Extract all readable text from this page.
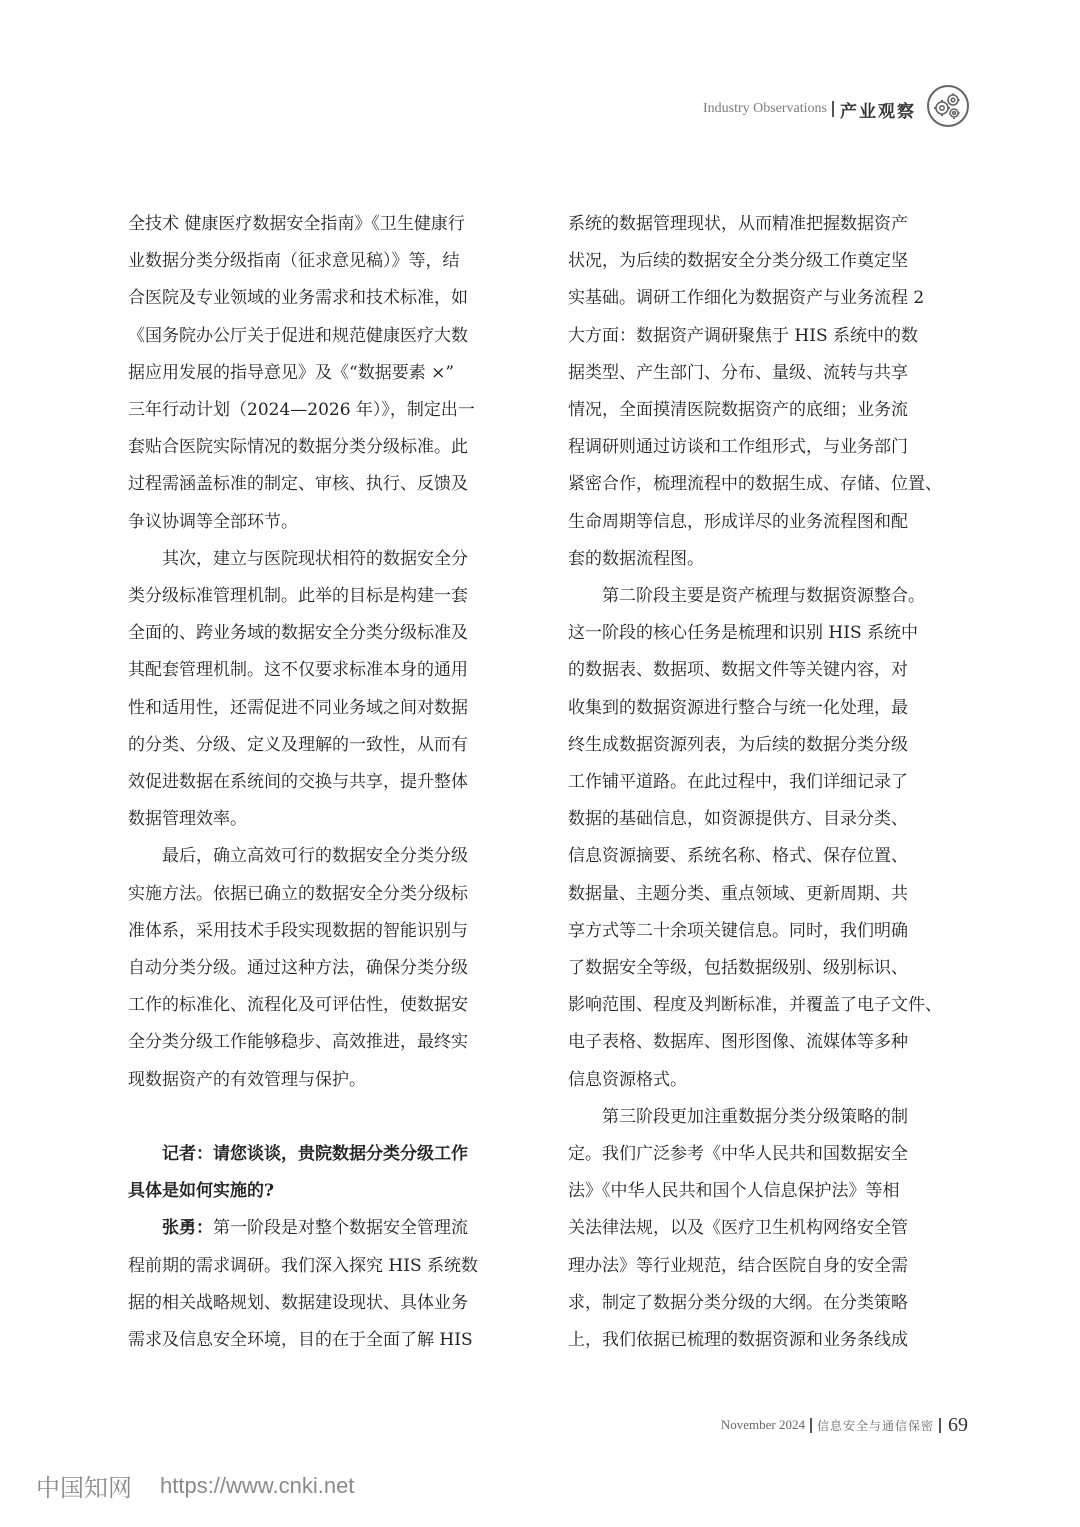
Industry Observations 产业观察

全技术 健康医疗数据安全指南》《卫生健康行

业数据分类分级指南（征求意见稿）》等，结

合医院及专业领域的业务需求和技术标准，如

《国务院办公厅关于促进和规范健康医疗大数

据应用发展的指导意见》及《“数据要素 ×”

三年行动计划（2024—2026 年）》，制定出一

套贴合医院实际情况的数据分类分级标准。此

过程需涵盖标准的制定、审核、执行、反馈及

争议协调等全部环节。

其次，建立与医院现状相符的数据安全分

类分级标准管理机制。此举的目标是构建一套

全面的、跨业务域的数据安全分类分级标准及

其配套管理机制。这不仅要求标准本身的通用

性和适用性，还需促进不同业务域之间对数据

的分类、分级、定义及理解的一致性，从而有

效促进数据在系统间的交换与共享，提升整体

数据管理效率。

最后，确立高效可行的数据安全分类分级

实施方法。依据已确立的数据安全分类分级标

准体系，采用技术手段实现数据的智能识别与

自动分类分级。通过这种方法，确保分类分级

工作的标准化、流程化及可评估性，使数据安

全分类分级工作能够稳步、高效推进，最终实

现数据资产的有效管理与保护。

记者：请您谈谈，贵院数据分类分级工作

具体是如何实施的?

张勇：第一阶段是对整个数据安全管理流

程前期的需求调研。我们深入探究 HIS 系统数

据的相关战略规划、数据建设现状、具体业务

需求及信息安全环境，目的在于全面了解 HIS

系统的数据管理现状，从而精准把握数据资产

状况，为后续的数据安全分类分级工作奠定坚

实基础。调研工作细化为数据资产与业务流程 2

大方面：数据资产调研聚焦于 HIS 系统中的数

据类型、产生部门、分布、量级、流转与共享

情况，全面摸清医院数据资产的底细；业务流

程调研则通过访谈和工作组形式，与业务部门

紧密合作，梳理流程中的数据生成、存储、位置、

生命周期等信息，形成详尽的业务流程图和配

套的数据流程图。

第二阶段主要是资产梳理与数据资源整合。

这一阶段的核心任务是梳理和识别 HIS 系统中

的数据表、数据项、数据文件等关键内容，对

收集到的数据资源进行整合与统一化处理，最

终生成数据资源列表，为后续的数据分类分级

工作铺平道路。在此过程中，我们详细记录了

数据的基础信息，如资源提供方、目录分类、

信息资源摘要、系统名称、格式、保存位置、

数据量、主题分类、重点领域、更新周期、共

享方式等二十余项关键信息。同时，我们明确

了数据安全等级，包括数据级别、级别标识、

影响范围、程度及判断标准，并覆盖了电子文件、

电子表格、数据库、图形图像、流媒体等多种

信息资源格式。

第三阶段更加注重数据分类分级策略的制

定。我们广泛参考《中华人民共和国数据安全

法》《中华人民共和国个人信息保护法》等相

关法律法规，以及《医疗卫生机构网络安全管

理办法》等行业规范，结合医院自身的安全需

求，制定了数据分类分级的大纲。在分类策略

上，我们依据已梳理的数据资源和业务条线成

November 2024 信息安全与通信保密 69
中国知网 https://www.cnki.net
